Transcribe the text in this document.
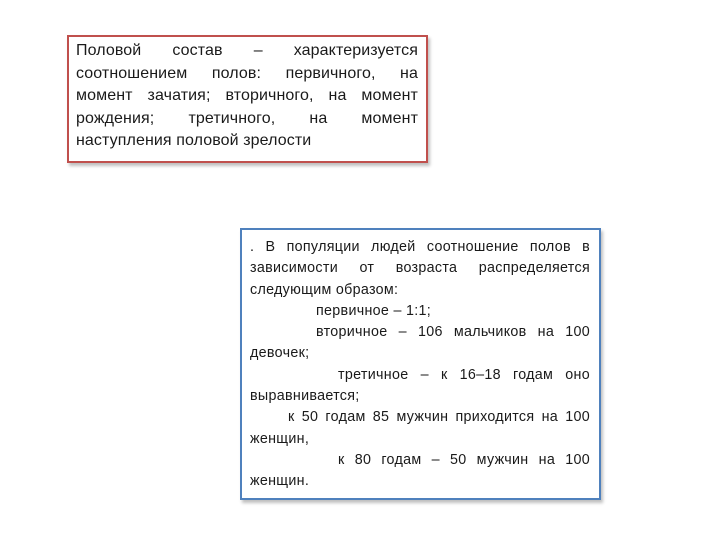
Половой состав – характеризуется соотношением полов: первичного, на момент зачатия; вторичного, на момент рождения; третичного, на момент наступления половой зрелости

. В популяции людей соотношение полов в зависимости от возраста распределяется следующим образом:

первичное – 1:1;

вторичное – 106 мальчиков на 100 девочек;

третичное – к 16–18 годам оно выравнивается;

к 50 годам 85 мужчин приходится на 100 женщин,

к 80 годам – 50 мужчин на 100 женщин.
